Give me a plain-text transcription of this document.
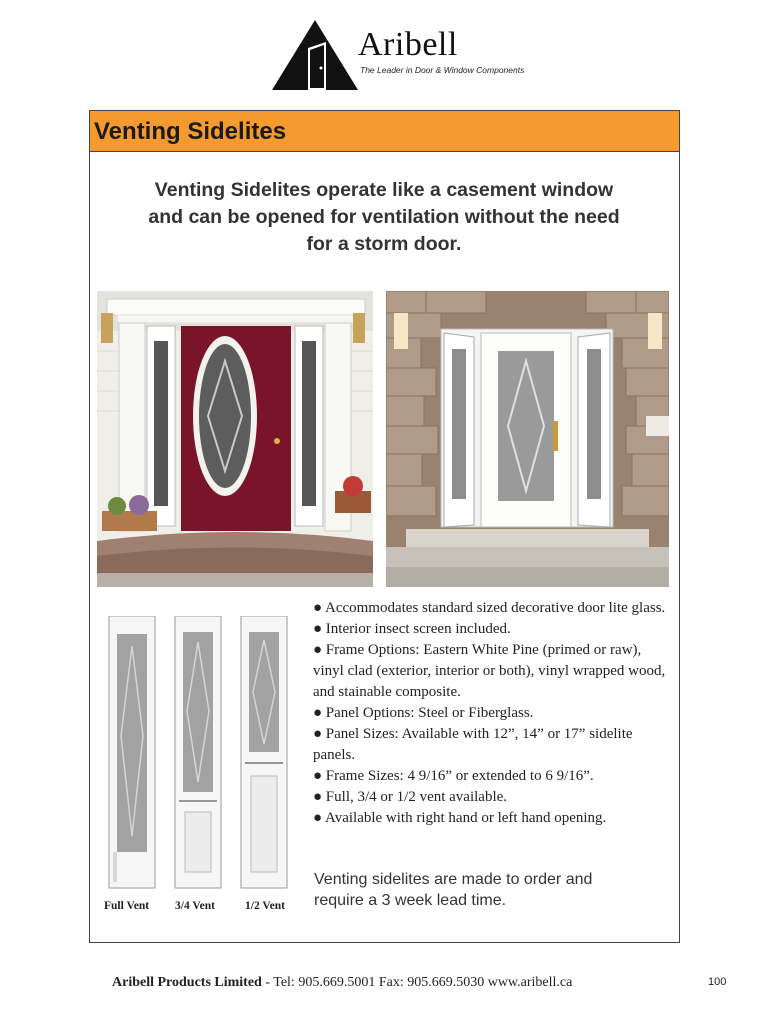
Aribell
The Leader in Door & Window Components
Venting Sidelites
Venting Sidelites operate like a casement window
and can be opened for ventilation without the need
for a storm door.
Full Vent 3/4 Vent	1/2 Vent
● Accommodates standard sized decorative door lite glass.
● Interior insect screen included.
● Frame Options: Eastern White Pine (primed or raw), vinyl clad (exterior, interior or both), vinyl wrapped wood, and stainable composite.
● Panel Options: Steel or Fiberglass.
● Panel Sizes: Available with 12”, 14” or 17” sidelite panels.
● Frame Sizes: 4 9/16” or extended to 6 9/16”.
● Full, 3/4 or 1/2 vent available.
● Available with right hand or left hand opening.
Venting sidelites are made to order and require a 3 week lead time.
Aribell Products Limited - Tel: 905.669.5001 Fax: 905.669.5030 www.aribell.ca	100
